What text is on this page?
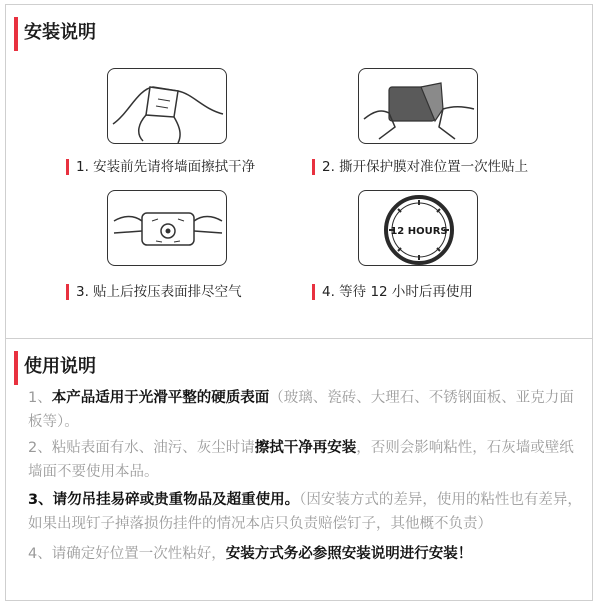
安装说明
12 HOURS
1. 安装前先请将墙面擦拭干净	2. 撕开保护膜对准位置一次性贴上
3. 贴上后按压表面排尽空气	4. 等待 12 小时后再使用
使用说明
1、本产品适用于光滑平整的硬质表面（玻璃、瓷砖、大理石、不锈钢面板、亚克力面板等）。
2、粘贴表面有水、油污、灰尘时请擦拭干净再安装，否则会影响粘性，石灰墙或壁纸墙面不要使用本品。
3、请勿吊挂易碎或贵重物品及超重使用。（因安装方式的差异，使用的粘性也有差异，如果出现钉子掉落损伤挂件的情况本店只负责赔偿钉子，其他概不负责）
4、请确定好位置一次性粘好，安装方式务必参照安装说明进行安装！
